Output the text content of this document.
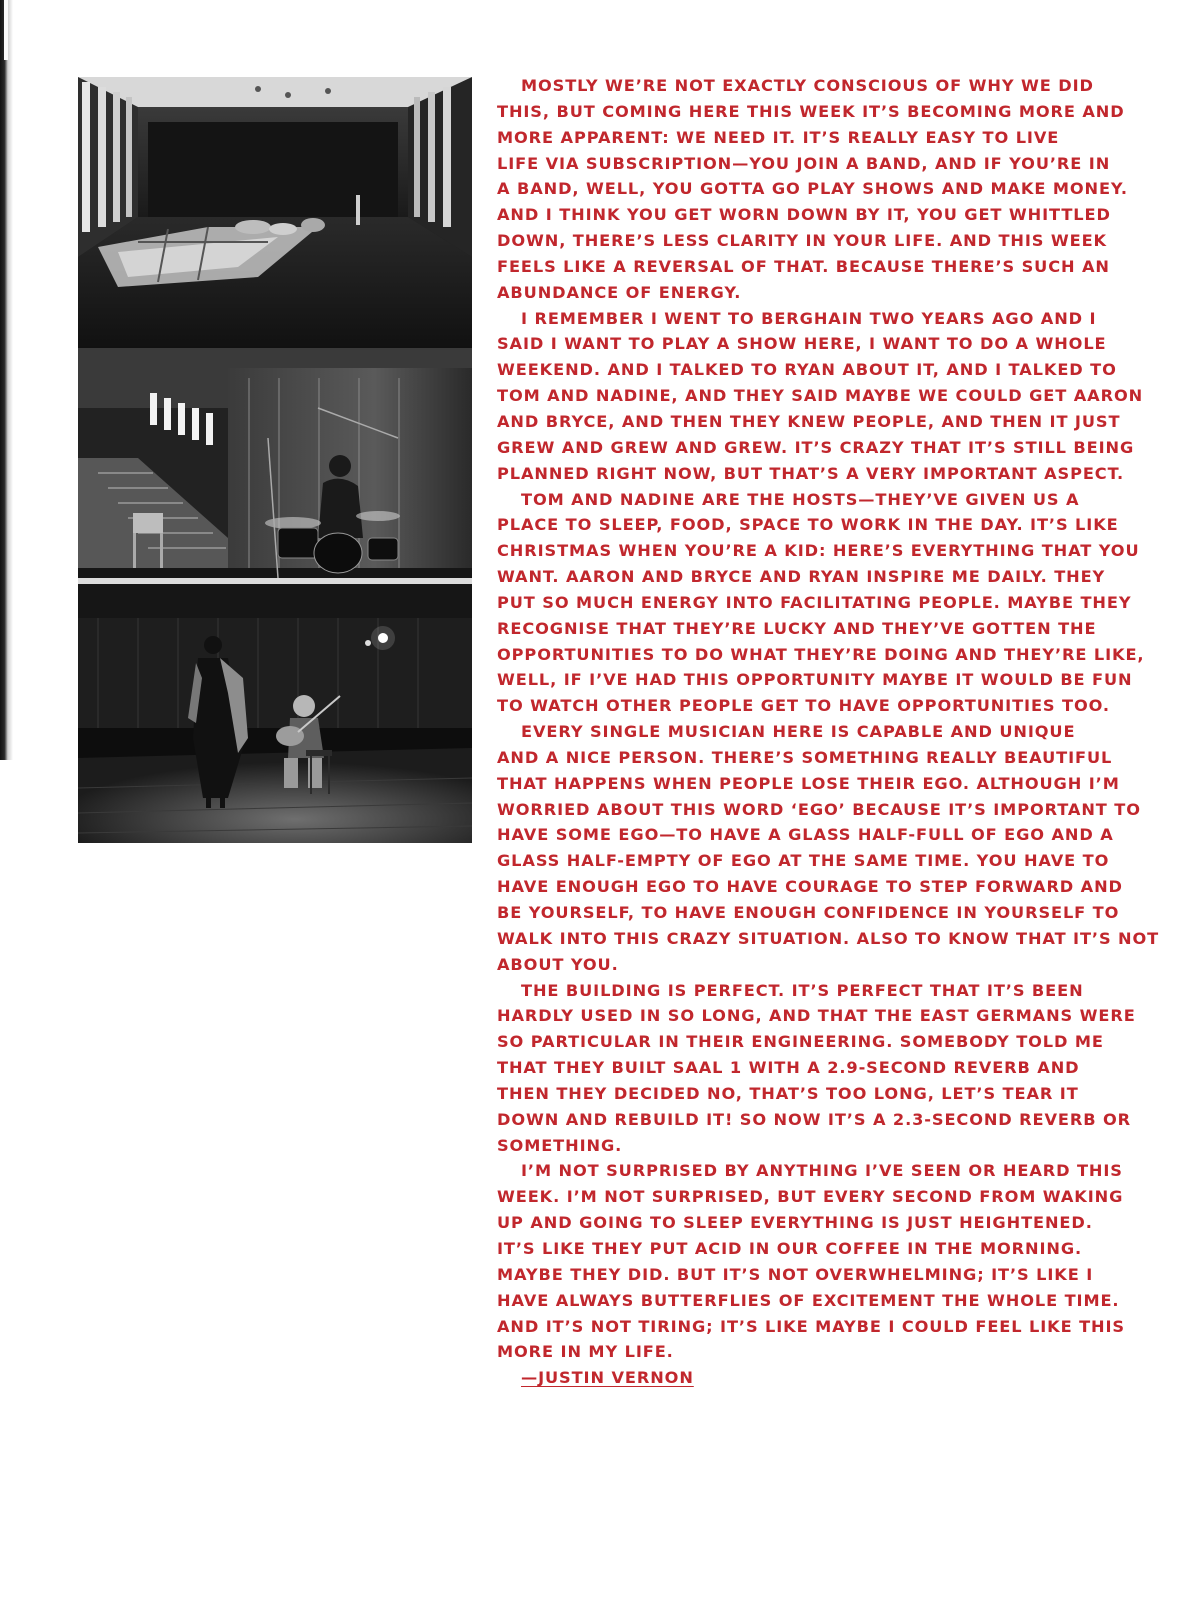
MOSTLY WE’RE NOT EXACTLY CONSCIOUS OF WHY WE DID
THIS, BUT COMING HERE THIS WEEK IT’S BECOMING MORE AND
MORE APPARENT: WE NEED IT. IT’S REALLY EASY TO LIVE
LIFE VIA SUBSCRIPTION—YOU JOIN A BAND, AND IF YOU’RE IN
A BAND, WELL, YOU GOTTA GO PLAY SHOWS AND MAKE MONEY.
AND I THINK YOU GET WORN DOWN BY IT, YOU GET WHITTLED
DOWN, THERE’S LESS CLARITY IN YOUR LIFE. AND THIS WEEK
FEELS LIKE A REVERSAL OF THAT. BECAUSE THERE’S SUCH AN
ABUNDANCE OF ENERGY.

I REMEMBER I WENT TO BERGHAIN TWO YEARS AGO AND I
SAID I WANT TO PLAY A SHOW HERE, I WANT TO DO A WHOLE
WEEKEND. AND I TALKED TO RYAN ABOUT IT, AND I TALKED TO
TOM AND NADINE, AND THEY SAID MAYBE WE COULD GET AARON
AND BRYCE, AND THEN THEY KNEW PEOPLE, AND THEN IT JUST
GREW AND GREW AND GREW. IT’S CRAZY THAT IT’S STILL BEING
PLANNED RIGHT NOW, BUT THAT’S A VERY IMPORTANT ASPECT.

TOM AND NADINE ARE THE HOSTS—THEY’VE GIVEN US A
PLACE TO SLEEP, FOOD, SPACE TO WORK IN THE DAY. IT’S LIKE
CHRISTMAS WHEN YOU’RE A KID: HERE’S EVERYTHING THAT YOU
WANT. AARON AND BRYCE AND RYAN INSPIRE ME DAILY. THEY
PUT SO MUCH ENERGY INTO FACILITATING PEOPLE. MAYBE THEY
RECOGNISE THAT THEY’RE LUCKY AND THEY’VE GOTTEN THE
OPPORTUNITIES TO DO WHAT THEY’RE DOING AND THEY’RE LIKE,
WELL, IF I’VE HAD THIS OPPORTUNITY MAYBE IT WOULD BE FUN
TO WATCH OTHER PEOPLE GET TO HAVE OPPORTUNITIES TOO.

EVERY SINGLE MUSICIAN HERE IS CAPABLE AND UNIQUE
AND A NICE PERSON. THERE’S SOMETHING REALLY BEAUTIFUL
THAT HAPPENS WHEN PEOPLE LOSE THEIR EGO. ALTHOUGH I’M
WORRIED ABOUT THIS WORD ‘EGO’ BECAUSE IT’S IMPORTANT TO
HAVE SOME EGO—TO HAVE A GLASS HALF-FULL OF EGO AND A
GLASS HALF-EMPTY OF EGO AT THE SAME TIME. YOU HAVE TO
HAVE ENOUGH EGO TO HAVE COURAGE TO STEP FORWARD AND
BE YOURSELF, TO HAVE ENOUGH CONFIDENCE IN YOURSELF TO
WALK INTO THIS CRAZY SITUATION. ALSO TO KNOW THAT IT’S NOT
ABOUT YOU.

THE BUILDING IS PERFECT. IT’S PERFECT THAT IT’S BEEN
HARDLY USED IN SO LONG, AND THAT THE EAST GERMANS WERE
SO PARTICULAR IN THEIR ENGINEERING. SOMEBODY TOLD ME
THAT THEY BUILT SAAL 1 WITH A 2.9-SECOND REVERB AND
THEN THEY DECIDED NO, THAT’S TOO LONG, LET’S TEAR IT
DOWN AND REBUILD IT! SO NOW IT’S A 2.3-SECOND REVERB OR
SOMETHING.

I’M NOT SURPRISED BY ANYTHING I’VE SEEN OR HEARD THIS
WEEK. I’M NOT SURPRISED, BUT EVERY SECOND FROM WAKING
UP AND GOING TO SLEEP EVERYTHING IS JUST HEIGHTENED.
IT’S LIKE THEY PUT ACID IN OUR COFFEE IN THE MORNING.
MAYBE THEY DID. BUT IT’S NOT OVERWHELMING; IT’S LIKE I
HAVE ALWAYS BUTTERFLIES OF EXCITEMENT THE WHOLE TIME.
AND IT’S NOT TIRING; IT’S LIKE MAYBE I COULD FEEL LIKE THIS
MORE IN MY LIFE.

—JUSTIN VERNON
